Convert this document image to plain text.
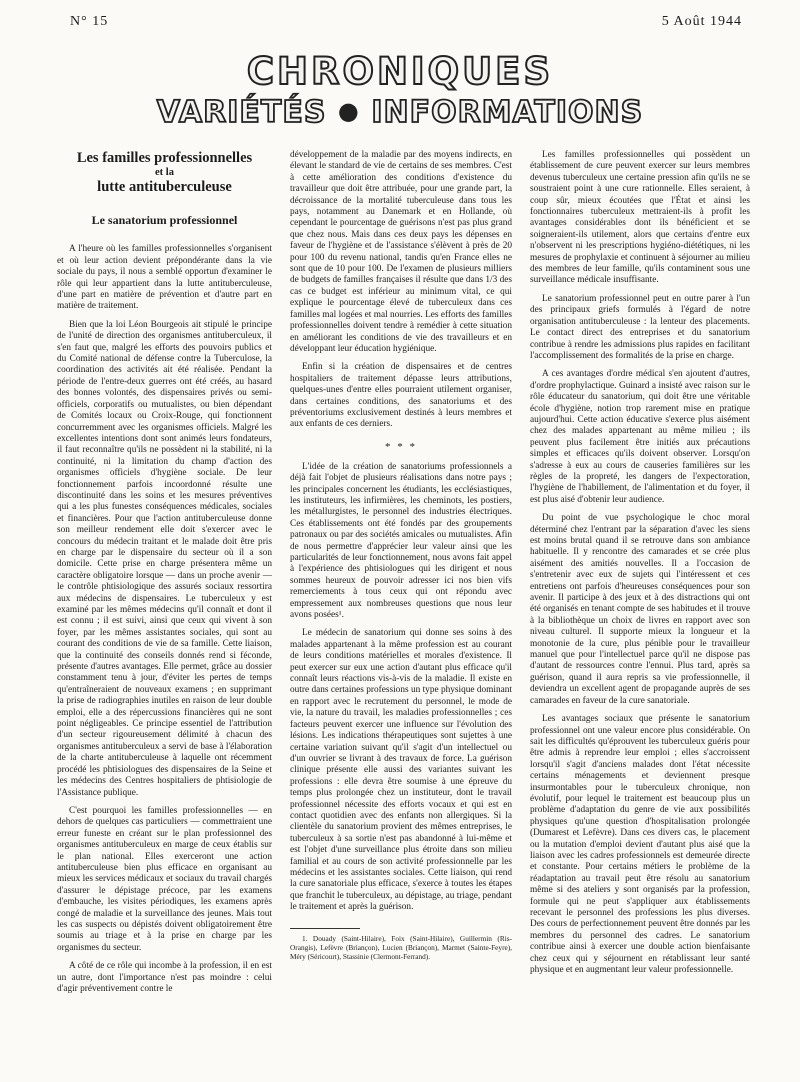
N° 15	5 Août 1944
CHRONIQUES
VARIÉTÉS ● INFORMATIONS
Les familles professionnelles
et la
lutte antituberculeuse
Le sanatorium professionnel

A l'heure où les familles professionnelles s'organisent et où leur action devient prépondérante dans la vie sociale du pays, il nous a semblé opportun d'examiner le rôle qui leur appartient dans la lutte antituberculeuse, d'une part en matière de prévention et d'autre part en matière de traitement.

Bien que la loi Léon Bourgeois ait stipulé le principe de l'unité de direction des organismes antituberculeux, il s'en faut que, malgré les efforts des pouvoirs publics et du Comité national de défense contre la Tuberculose, la coordination des activités ait été réalisée. Pendant la période de l'entre-deux guerres ont été créés, au hasard des bonnes volontés, des dispensaires privés ou semi-officiels, corporatifs ou mutualistes, ou bien dépendant de Comités locaux ou Croix-Rouge, qui fonctionnent concurremment avec les organismes officiels. Malgré les excellentes intentions dont sont animés leurs fondateurs, il faut reconnaître qu'ils ne possèdent ni la stabilité, ni la continuité, ni la limitation du champ d'action des organismes officiels d'hygiène sociale. De leur fonctionnement parfois incoordonné résulte une discontinuité dans les soins et les mesures préventives qui a les plus funestes conséquences médicales, sociales et financières. Pour que l'action antituberculeuse donne son meilleur rendement elle doit s'exercer avec le concours du médecin traitant et le malade doit être pris en charge par le dispensaire du secteur où il a son domicile. Cette prise en charge présentera même un caractère obligatoire lorsque — dans un proche avenir — le contrôle phtisiologique des assurés sociaux ressortira aux médecins de dispensaires. Le tuberculeux y est examiné par les mêmes médecins qu'il connaît et dont il est connu ; il est suivi, ainsi que ceux qui vivent à son foyer, par les mêmes assistantes sociales, qui sont au courant des conditions de vie de sa famille. Cette liaison, que la continuité des conseils donnés rend si féconde, présente d'autres avantages. Elle permet, grâce au dossier constamment tenu à jour, d'éviter les pertes de temps qu'entraîneraient de nouveaux examens ; en supprimant la prise de radiographies inutiles en raison de leur double emploi, elle a des répercussions financières qui ne sont point négligeables. Ce principe essentiel de l'attribution d'un secteur rigoureusement délimité à chacun des organismes antituberculeux a servi de base à l'élaboration de la charte antituberculeuse à laquelle ont récemment procédé les phtisiologues des dispensaires de la Seine et les médecins des Centres hospitaliers de phtisiologie de l'Assistance publique.

C'est pourquoi les familles professionnelles — en dehors de quelques cas particuliers — commettraient une erreur funeste en créant sur le plan professionnel des organismes antituberculeux en marge de ceux établis sur le plan national. Elles exerceront une action antituberculeuse bien plus efficace en organisant au mieux les services médicaux et sociaux du travail chargés d'assurer le dépistage précoce, par les examens d'embauche, les visites périodiques, les examens après congé de maladie et la surveillance des jeunes. Mais tout les cas suspects ou dépistés doivent obligatoirement être soumis au triage et à la prise en charge par les organismes du secteur.

A côté de ce rôle qui incombe à la profession, il en est un autre, dont l'importance n'est pas moindre : celui d'agir préventivement contre le

développement de la maladie par des moyens indirects, en élevant le standard de vie de certains de ses membres. C'est à cette amélioration des conditions d'existence du travailleur que doit être attribuée, pour une grande part, la décroissance de la mortalité tuberculeuse dans tous les pays, notamment au Danemark et en Hollande, où cependant le pourcentage de guérisons n'est pas plus grand que chez nous. Mais dans ces deux pays les dépenses en faveur de l'hygiène et de l'assistance s'élèvent à près de 20 pour 100 du revenu national, tandis qu'en France elles ne sont que de 10 pour 100. De l'examen de plusieurs milliers de budgets de familles françaises il résulte que dans 1/3 des cas ce budget est inférieur au minimum vital, ce qui explique le pourcentage élevé de tuberculeux dans ces familles mal logées et mal nourries. Les efforts des familles professionnelles doivent tendre à remédier à cette situation en améliorant les conditions de vie des travailleurs et en développant leur éducation hygiénique.

Enfin si la création de dispensaires et de centres hospitaliers de traitement dépasse leurs attributions, quelques-unes d'entre elles pourraient utilement organiser, dans certaines conditions, des sanatoriums et des préventoriums exclusivement destinés à leurs membres et aux enfants de ces derniers.

* * *

L'idée de la création de sanatoriums professionnels a déjà fait l'objet de plusieurs réalisations dans notre pays ; les principales concernent les étudiants, les ecclésiastiques, les instituteurs, les infirmières, les cheminots, les postiers, les métallurgistes, le personnel des industries électriques. Ces établissements ont été fondés par des groupements patronaux ou par des sociétés amicales ou mutualistes. Afin de nous permettre d'apprécier leur valeur ainsi que les particularités de leur fonctionnement, nous avons fait appel à l'expérience des phtisiologues qui les dirigent et nous sommes heureux de pouvoir adresser ici nos bien vifs remerciements à tous ceux qui ont répondu avec empressement aux nombreuses questions que nous leur avons posées¹.

Le médecin de sanatorium qui donne ses soins à des malades appartenant à la même profession est au courant de leurs conditions matérielles et morales d'existence. Il peut exercer sur eux une action d'autant plus efficace qu'il connaît leurs réactions vis-à-vis de la maladie. Il existe en outre dans certaines professions un type physique dominant en rapport avec le recrutement du personnel, le mode de vie, la nature du travail, les maladies professionnelles ; ces facteurs peuvent exercer une influence sur l'évolution des lésions. Les indications thérapeutiques sont sujettes à une certaine variation suivant qu'il s'agit d'un intellectuel ou d'un ouvrier se livrant à des travaux de force. La guérison clinique présente elle aussi des variantes suivant les professions : elle devra être soumise à une épreuve du temps plus prolongée chez un instituteur, dont le travail professionnel nécessite des efforts vocaux et qui est en contact quotidien avec des enfants non allergiques. Si la clientèle du sanatorium provient des mêmes entreprises, le tuberculeux à sa sortie n'est pas abandonné à lui-même et est l'objet d'une surveillance plus étroite dans son milieu familial et au cours de son activité professionnelle par les médecins et les assistantes sociales. Cette liaison, qui rend la cure sanatoriale plus efficace, s'exerce à toutes les étapes que franchit le tuberculeux, au dépistage, au triage, pendant le traitement et après la guérison.

1. Douady (Saint-Hilaire), Foix (Saint-Hilaire), Guillermin (Ris-Orangis), Lefèvre (Briançon), Lucien (Briançon), Marmet (Sainte-Feyre), Méry (Séricourt), Stassinie (Clermont-Ferrand).

Les familles professionnelles qui possèdent un établissement de cure peuvent exercer sur leurs membres devenus tuberculeux une certaine pression afin qu'ils ne se soustraient point à une cure rationnelle. Elles seraient, à coup sûr, mieux écoutées que l'État et ainsi les fonctionnaires tuberculeux mettraient-ils à profit les avantages considérables dont ils bénéficient et se soigneraient-ils utilement, alors que certains d'entre eux n'observent ni les prescriptions hygiéno-diététiques, ni les mesures de prophylaxie et continuent à séjourner au milieu des membres de leur famille, qu'ils contaminent sous une surveillance médicale insuffisante.

Le sanatorium professionnel peut en outre parer à l'un des principaux griefs formulés à l'égard de notre organisation antituberculeuse : la lenteur des placements. Le contact direct des entreprises et du sanatorium contribue à rendre les admissions plus rapides en facilitant l'accomplissement des formalités de la prise en charge.

A ces avantages d'ordre médical s'en ajoutent d'autres, d'ordre prophylactique. Guinard a insisté avec raison sur le rôle éducateur du sanatorium, qui doit être une véritable école d'hygiène, notion trop rarement mise en pratique aujourd'hui. Cette action éducative s'exerce plus aisément chez des malades appartenant au même milieu ; ils peuvent plus facilement être initiés aux précautions simples et efficaces qu'ils doivent observer. Lorsqu'on s'adresse à eux au cours de causeries familières sur les règles de la propreté, les dangers de l'expectoration, l'hygiène de l'habillement, de l'alimentation et du foyer, il est plus aisé d'obtenir leur audience.

Du point de vue psychologique le choc moral déterminé chez l'entrant par la séparation d'avec les siens est moins brutal quand il se retrouve dans son ambiance habituelle. Il y rencontre des camarades et se crée plus aisément des amitiés nouvelles. Il a l'occasion de s'entretenir avec eux de sujets qui l'intéressent et ces entretiens ont parfois d'heureuses conséquences pour son avenir. Il participe à des jeux et à des distractions qui ont été organisés en tenant compte de ses habitudes et il trouve à la bibliothèque un choix de livres en rapport avec son niveau culturel. Il supporte mieux la longueur et la monotonie de la cure, plus pénible pour le travailleur manuel que pour l'intellectuel parce qu'il ne dispose pas d'autant de ressources contre l'ennui. Plus tard, après sa guérison, quand il aura repris sa vie professionnelle, il deviendra un excellent agent de propagande auprès de ses camarades en faveur de la cure sanatoriale.

Les avantages sociaux que présente le sanatorium professionnel ont une valeur encore plus considérable. On sait les difficultés qu'éprouvent les tuberculeux guéris pour être admis à reprendre leur emploi ; elles s'accroissent lorsqu'il s'agit d'anciens malades dont l'état nécessite certains ménagements et deviennent presque insurmontables pour le tuberculeux chronique, non évolutif, pour lequel le traitement est beaucoup plus un problème d'adaptation du genre de vie aux possibilités physiques qu'une question d'hospitalisation prolongée (Dumarest et Lefèvre). Dans ces divers cas, le placement ou la mutation d'emploi devient d'autant plus aisé que la liaison avec les cadres professionnels est demeurée directe et constante. Pour certains métiers le problème de la réadaptation au travail peut être résolu au sanatorium même si des ateliers y sont organisés par la profession, formule qui ne peut s'appliquer aux établissements recevant le personnel des professions les plus diverses. Des cours de perfectionnement peuvent être donnés par les membres du personnel des cadres. Le sanatorium contribue ainsi à exercer une double action bienfaisante chez ceux qui y séjournent en rétablissant leur santé physique et en augmentant leur valeur professionnelle.
